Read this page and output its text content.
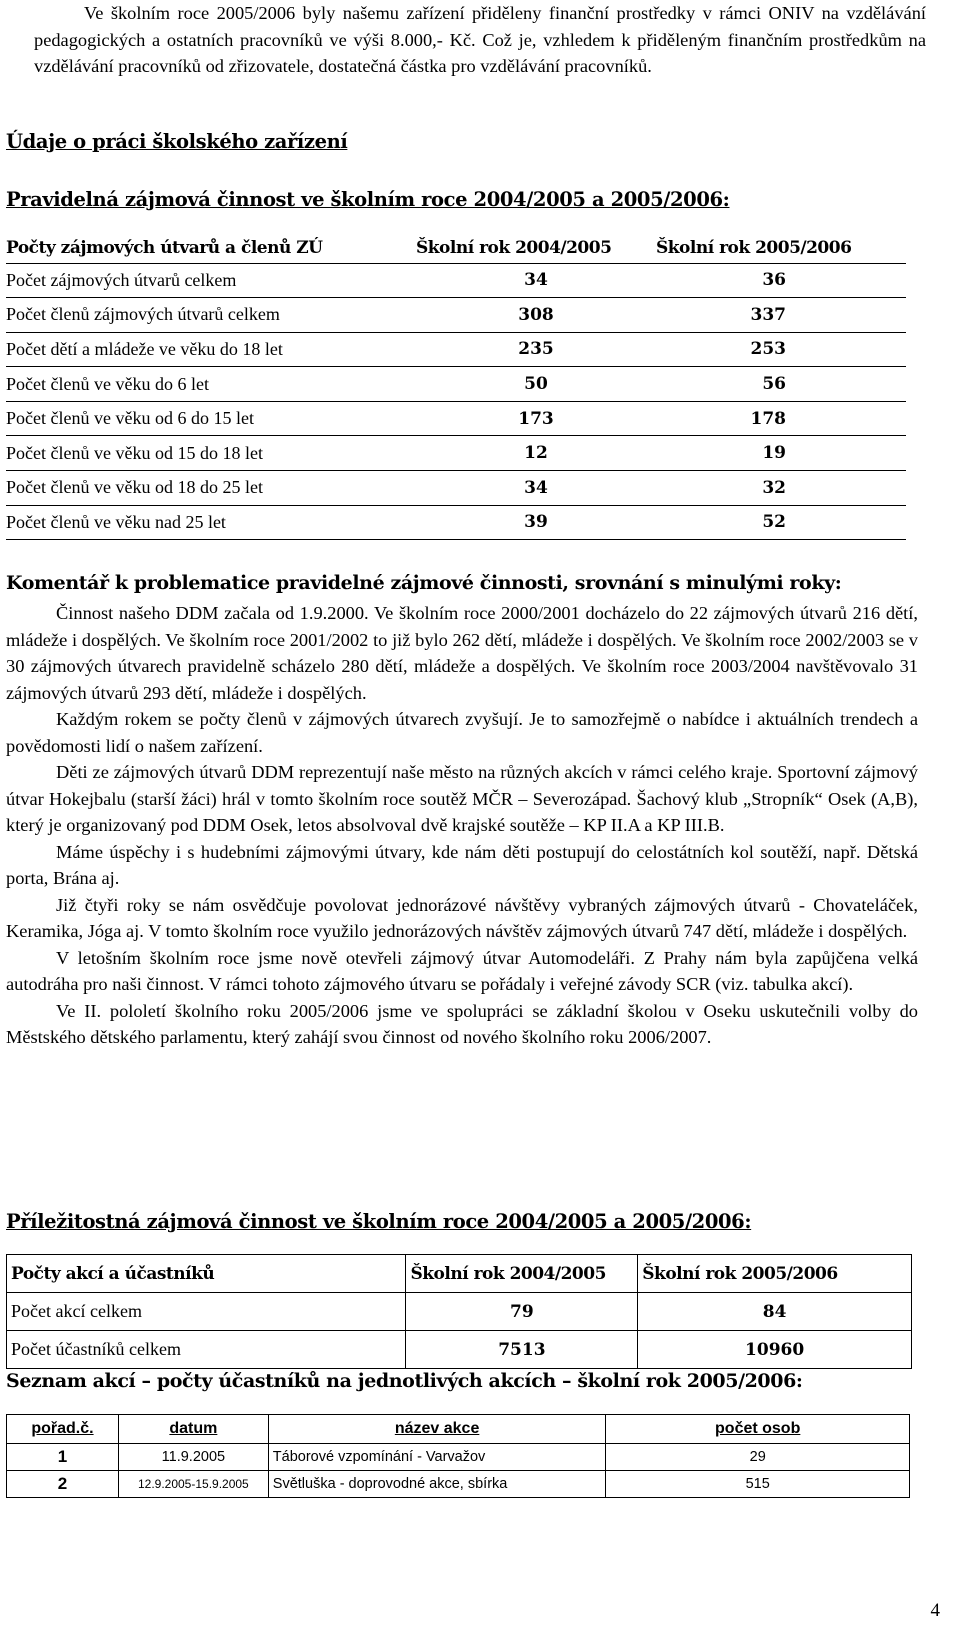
Ve školním roce 2005/2006 byly našemu zařízení přiděleny finanční prostředky v rámci ONIV na vzdělávání pedagogických a ostatních pracovníků ve výši 8.000,- Kč. Což je, vzhledem k přiděleným finančním prostředkům na vzdělávání pracovníků od zřizovatele, dostatečná částka pro vzdělávání pracovníků.

Údaje o práci školského zařízení
Pravidelná zájmová činnost ve školním roce 2004/2005 a 2005/2006:
Počty zájmových útvarů a členů ZÚ	Školní rok 2004/2005	Školní rok 2005/2006
Počet zájmových útvarů celkem	34	36
Počet členů zájmových útvarů celkem	308	337
Počet dětí a mládeže ve věku do 18 let	235	253
Počet členů ve věku do 6 let	50	56
Počet členů ve věku od 6 do 15 let	173	178
Počet členů ve věku od 15 do 18 let	12	19
Počet členů ve věku od 18 do 25 let	34	32
Počet členů ve věku nad 25 let	39	52
Komentář k problematice pravidelné zájmové činnosti, srovnání s minulými roky:

Činnost našeho DDM začala od 1.9.2000. Ve školním roce 2000/2001 docházelo do 22 zájmových útvarů 216 dětí, mládeže i dospělých. Ve školním roce 2001/2002 to již bylo 262 dětí, mládeže i dospělých. Ve školním roce 2002/2003 se v 30 zájmových útvarech pravidelně scházelo 280 dětí, mládeže a dospělých. Ve školním roce 2003/2004 navštěvovalo 31 zájmových útvarů 293 dětí, mládeže i dospělých.

Každým rokem se počty členů v zájmových útvarech zvyšují. Je to samozřejmě o nabídce i aktuálních trendech a povědomosti lidí o našem zařízení.

Děti ze zájmových útvarů DDM reprezentují naše město na různých akcích v rámci celého kraje. Sportovní zájmový útvar Hokejbalu (starší žáci) hrál v tomto školním roce soutěž MČR – Severozápad. Šachový klub „Stropník“ Osek (A,B), který je organizovaný pod DDM Osek, letos absolvoval dvě krajské soutěže – KP II.A a KP III.B.

Máme úspěchy i s hudebními zájmovými útvary, kde nám děti postupují do celostátních kol soutěží, např. Dětská porta, Brána aj.

Již čtyři roky se nám osvědčuje povolovat jednorázové návštěvy vybraných zájmových útvarů - Chovateláček, Keramika, Jóga aj. V tomto školním roce využilo jednorázových návštěv zájmových útvarů 747 dětí, mládeže i dospělých.

V letošním školním roce jsme nově otevřeli zájmový útvar Automodeláři. Z Prahy nám byla zapůjčena velká autodráha pro naši činnost. V rámci tohoto zájmového útvaru se pořádaly i veřejné závody SCR (viz. tabulka akcí).

Ve II. pololetí školního roku 2005/2006 jsme ve spolupráci se základní školou v Oseku uskutečnili volby do Městského dětského parlamentu, který zahájí svou činnost od nového školního roku 2006/2007.

Příležitostná zájmová činnost ve školním roce 2004/2005 a 2005/2006:
Počty akcí a účastníků	Školní rok 2004/2005	Školní rok 2005/2006
Počet akcí celkem	79	84
Počet účastníků celkem	7513	10960
Seznam akcí – počty účastníků na jednotlivých akcích – školní rok 2005/2006:
pořad.č.	datum	název akce	počet osob
1	11.9.2005	Táborové vzpomínání - Varvažov	29
2	12.9.2005-15.9.2005	Světluška - doprovodné akce, sbírka	515
4
